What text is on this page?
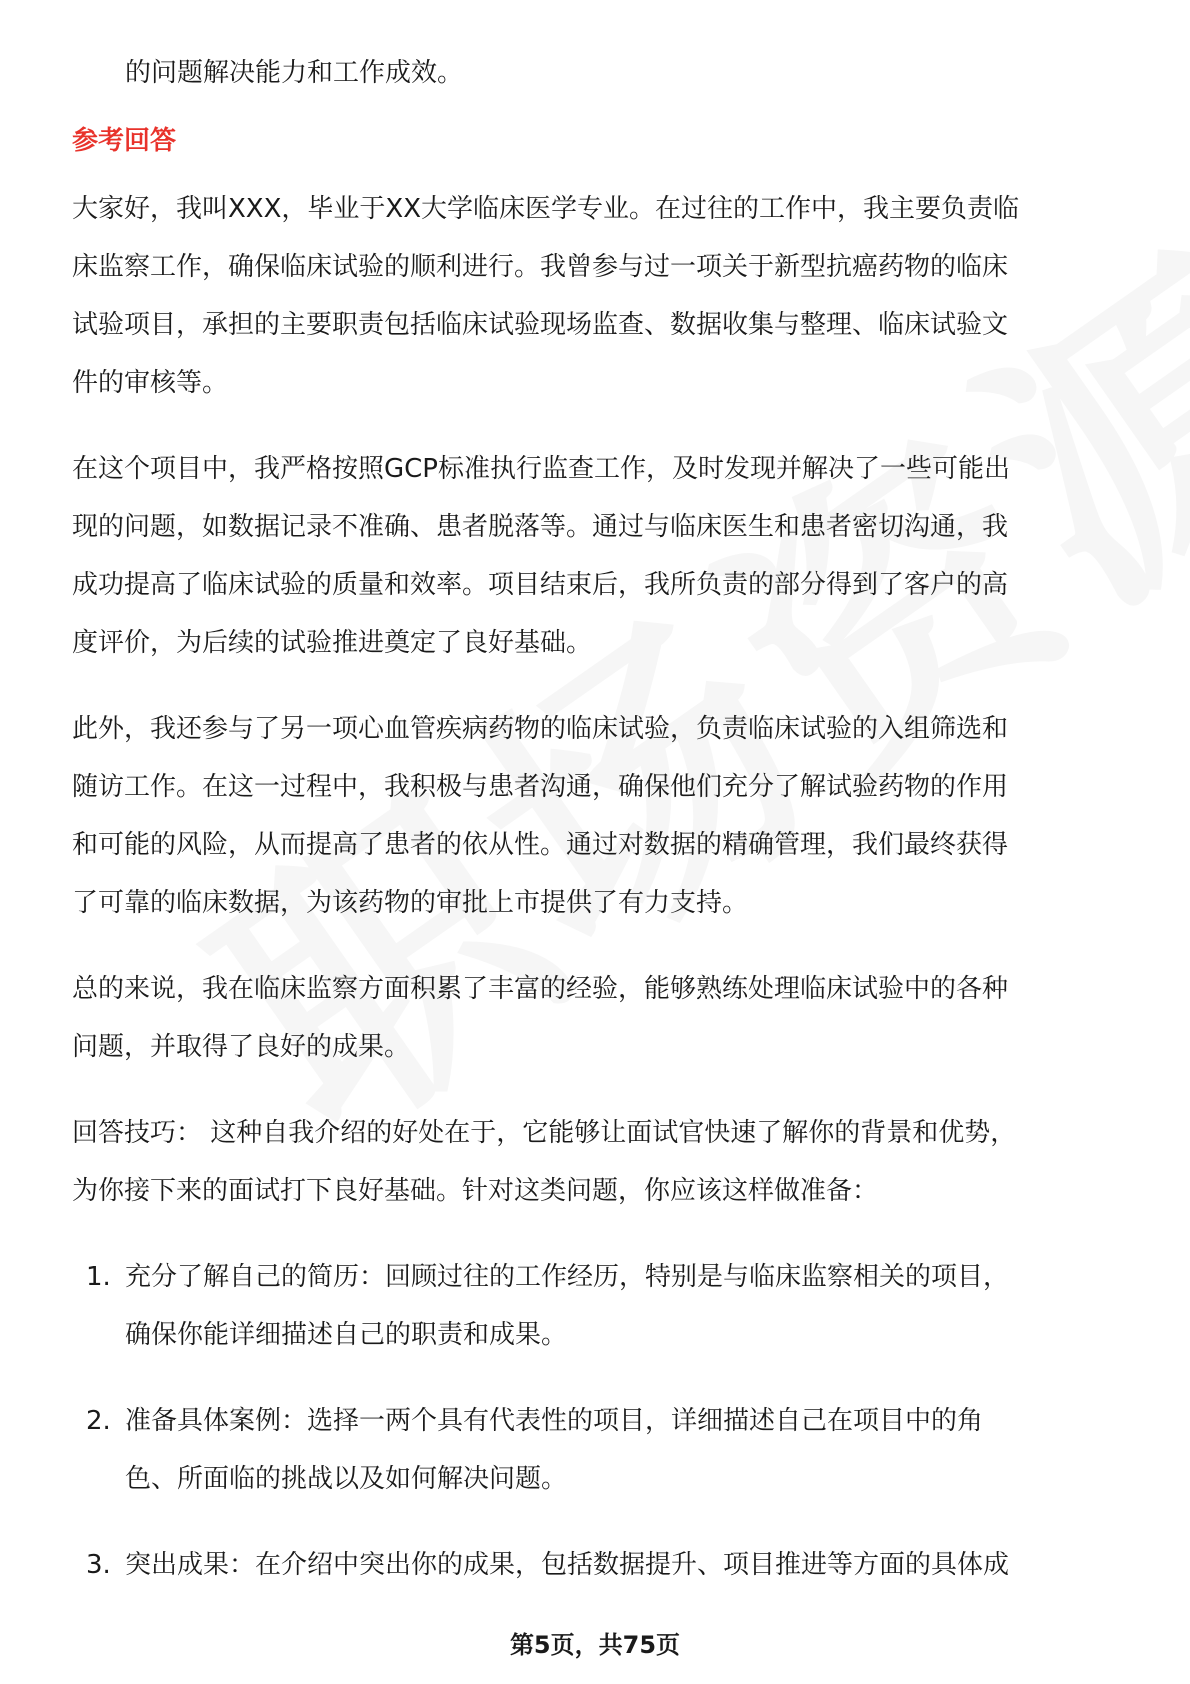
的问题解决能力和工作成效。

参考回答

大家好，我叫XXX，毕业于XX大学临床医学专业。在过往的工作中，我主要负责临

床监察工作，确保临床试验的顺利进行。我曾参与过一项关于新型抗癌药物的临床

试验项目，承担的主要职责包括临床试验现场监查、数据收集与整理、临床试验文

件的审核等。

在这个项目中，我严格按照GCP标准执行监查工作，及时发现并解决了一些可能出

现的问题，如数据记录不准确、患者脱落等。通过与临床医生和患者密切沟通，我

成功提高了临床试验的质量和效率。项目结束后，我所负责的部分得到了客户的高

度评价，为后续的试验推进奠定了良好基础。

此外，我还参与了另一项心血管疾病药物的临床试验，负责临床试验的入组筛选和

随访工作。在这一过程中，我积极与患者沟通，确保他们充分了解试验药物的作用

和可能的风险，从而提高了患者的依从性。通过对数据的精确管理，我们最终获得

了可靠的临床数据，为该药物的审批上市提供了有力支持。

总的来说，我在临床监察方面积累了丰富的经验，能够熟练处理临床试验中的各种

问题，并取得了良好的成果。

回答技巧： 这种自我介绍的好处在于，它能够让面试官快速了解你的背景和优势，

为你接下来的面试打下良好基础。针对这类问题，你应该这样做准备：

1. 充分了解自己的简历：回顾过往的工作经历，特别是与临床监察相关的项目，

确保你能详细描述自己的职责和成果。

2. 准备具体案例：选择一两个具有代表性的项目，详细描述自己在项目中的角

色、所面临的挑战以及如何解决问题。

3. 突出成果：在介绍中突出你的成果，包括数据提升、项目推进等方面的具体成

第5页，共75页
